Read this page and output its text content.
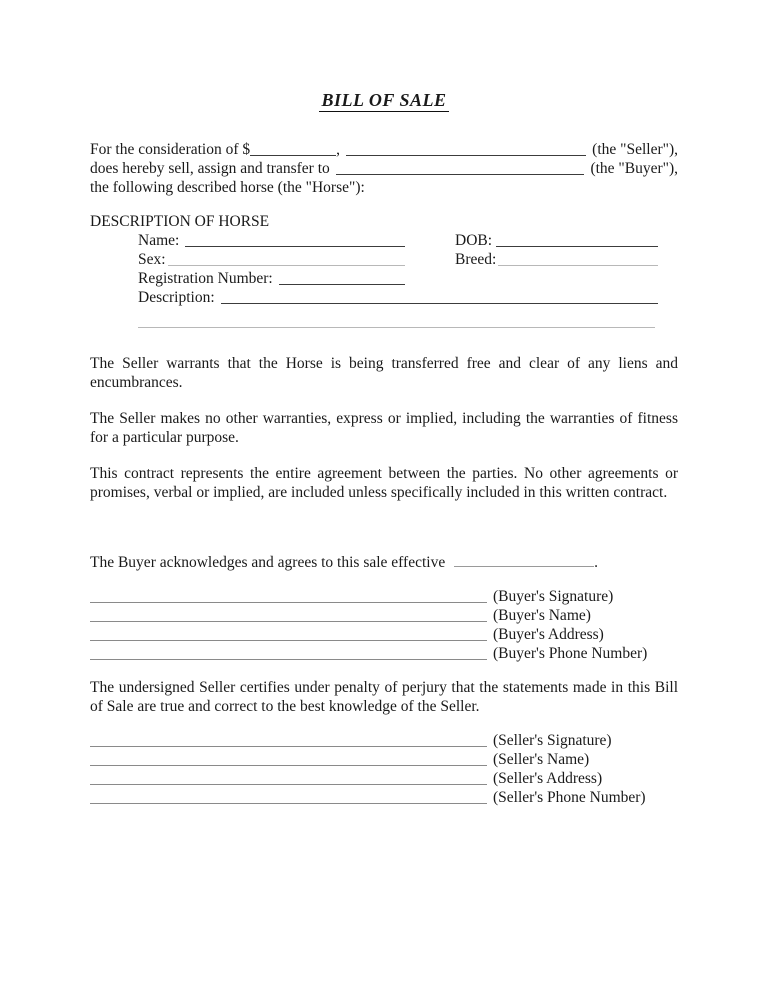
BILL OF SALE
For the consideration of $	,	(the "Seller"),
does hereby sell, assign and transfer to	(the "Buyer"),
the following described horse (the "Horse"):
DESCRIPTION OF HORSE
Name:	DOB:
Sex:	Breed:
Registration Number:
Description:
The Seller warrants that the Horse is being transferred free and clear of any liens and encumbrances.
The Seller makes no other warranties, express or implied, including the warranties of fitness for a particular purpose.
This contract represents the entire agreement between the parties. No other agreements or promises, verbal or implied, are included unless specifically included in this written contract.
The Buyer acknowledges and agrees to this sale effective	.
(Buyer's Signature)
(Buyer's Name)
(Buyer's Address)
(Buyer's Phone Number)
The undersigned Seller certifies under penalty of perjury that the statements made in this Bill of Sale are true and correct to the best knowledge of the Seller.
(Seller's Signature)
(Seller's Name)
(Seller's Address)
(Seller's Phone Number)
